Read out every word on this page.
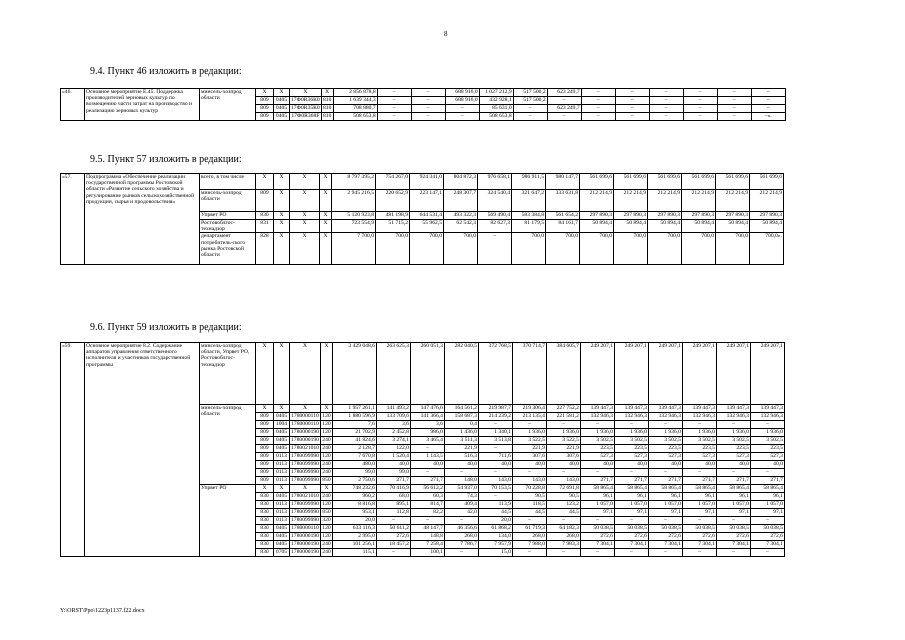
8
9.4. Пункт 46 изложить в редакции:
«46.	Основное мероприятие Е.45. Поддержка производителей зерновых культур по возмещению части затрат на производство и реализацию зерновых культур	минсель-хозпрод области	Х	Х	Х	Х	2 856 878,8	–	–	688 916,0	1 027 212,9	517 500,2	623 249,7	–	–	–	–	–	–
			809	0405	17Ф0R36К0	810	1 639 344,3	–	–	688 916,0	432 928,1	517 500,2	–	–	–	–	–	–	–
			809	0405	17Ф0R35К0	810	708 880,7	–	–	–	85 631,0	–	623 249,7	–	–	–	–	–	–
			809	0405	17Ф0R368F	810	508 653,8	–	–	–	508 653,8	–	–	–	–	–	–	–	–».
9.5. Пункт 57 изложить в редакции:
«57.	Подпрограмма «Обеспечение реализации государственной программы Ростовской области «Развитие сельского хозяйства и регулирование рынков сельскохозяйственной продукции, сырья и продовольствия»	всего, в том числе	Х	Х	Х	Х	8 797 395,2	754 267,0	924 341,0	804 872,3	976 658,1	986 911,5	980 147,7	561 699,6	561 699,6	561 699,6	561 699,6	561 699,6	561 699,6
		минсель-хозпрод области	809	Х	Х	Х	2 945 216,5	220 652,9	223 147,1	248 307,7	324 540,4	321 647,2	333 631,8	212 214,9	212 214,9	212 214,9	212 214,9	212 214,9	212 214,9
		Упрвет РО	830	Х	Х	Х	5 120 923,8	481 198,9	644 531,4	493 322,3	569 490,4	583 384,8	561 654,2	297 890,3	297 890,3	297 890,3	297 890,3	297 890,3	297 890,3
		Ростовоблгос-технадзор	831	Х	Х	Х	723 554,9	51 715,2	55 962,5	62 542,3	82 627,3	81 179,5	84 161,7	50 894,4	50 894,4	50 894,4	50 894,4	50 894,4	50 894,4
		департамент потребитель-ского рынка Ростовской области	828	Х	Х	Х	7 700,0	700,0	700,0	700,0	–	700,0	700,0	700,0	700,0	700,0	700,0	700,0	700,0».
9.6. Пункт 59 изложить в редакции:
«59.	Основное мероприятие 8.2. Содержание аппаратов управления ответственного исполнителя и участников государственной программы	минсель-хозпрод области, Упрвет РО, Ростовоблгос-технадзор	Х	Х	Х	Х	3 429 048,6	263 625,3	260 051,3	282 040,5	372 768,5	370 714,7	384 605,7	249 207,1	249 207,1	249 207,1	249 207,1	249 207,1	249 207,1
		минсель-хозпрод области	Х	Х	Х	Х	1 957 261,1	141 493,2	147 476,6	164 561,2	219 987,7	219 306,4	227 752,2	139 447,3	139 447,3	139 447,3	139 447,3	139 447,3	139 447,3
			809	0405	1780000110	120	1 880 596,9	133 709,6	141 366,4	158 687,3	214 239,2	213 135,4	221 581,2	132 946,3	132 946,3	132 946,3	132 946,3	132 946,3	132 946,3
			809	1004	1780000110	120	7,6	3,6	3,6	0,4	–	–	–	–	–	–	–	–	–
			809	0405	1780000190	120	21 702,9	2 452,8	986,0	1 436,0	1 340,1	1 936,0	1 936,0	1 936,0	1 936,0	1 936,0	1 936,0	1 936,0	1 936,0
			809	0405	1780000190	240	41 824,6	3 274,1	3 465,4	3 511,3	3 513,8	3 522,5	3 522,5	3 502,5	3 502,5	3 502,5	3 502,5	3 502,5	3 502,5
			809	0405	1780021010	240	2 128,7	122,0	–	221,9	–	221,9	221,9	223,5	223,5	223,5	223,5	223,5	223,5
			809	0113	1780099990	120	7 670,8	1 520,4	1 143,5	516,3	711,6	307,6	307,6	527,3	527,3	527,3	527,3	527,3	527,3
			809	0113	1780099990	240	480,0	40,0	40,0	40,0	40,0	40,0	40,0	40,0	40,0	40,0	40,0	40,0	40,0
			809	0113	1780099990	240	99,0	99,0	–	–	–	–	–	–	–	–	–	–	–
			809	0113	1780099990	850	2 750,6	271,7	271,7	148,0	143,0	143,0	143,0	271,7	271,7	271,7	271,7	271,7	271,7
		Упрвет РО	Х	Х	Х	Х	748 232,6	70 416,9	56 612,2	54 937,0	70 153,5	70 228,8	72 691,8	58 865,4	58 865,4	58 865,4	58 865,4	58 865,4	58 865,4
			830	0405	1780021010	240	960,2	68,0	60,3	74,3	–	90,5	90,5	96,1	96,1	96,1	96,1	96,1	96,1
			830	0113	1780099990	120	8 816,8	895,1	814,7	409,4	113,9	118,5	123,2	1 057,0	1 057,0	1 057,0	1 057,0	1 057,0	1 057,0
			830	0113	1780099990	850	953,1	112,8	82,2	42,0	44,5	44,5	44,5	97,1	97,1	97,1	97,1	97,1	97,1
			830	0113	1780099990	320	20,0	–	–	–	20,0	–	–	–	–	–	–	–	–
			830	0405	1780000110	120	633 116,3	50 611,2	48 147,7	46 356,6	61 868,2	61 719,3	64 182,3	50 038,5	50 038,5	50 038,5	50 038,5	50 038,5	50 038,5
			830	0405	1780000190	120	2 995,0	272,6	148,8	268,0	134,0	268,0	268,0	272,6	272,6	272,6	272,6	272,6	272,6
			830	0405	1780000190	240	101 256,1	18 457,2	7 258,4	7 786,7	7 957,9	7 988,0	7 983,3	7 304,1	7 304,1	7 304,1	7 304,1	7 304,1	7 304,1
			830	0705	1780000190	240	115,1	–	100,1	–	15,0	–	–	–	–	–	–	–	–
Y:\ORST\Ppo\1223p1137.f22.docx
